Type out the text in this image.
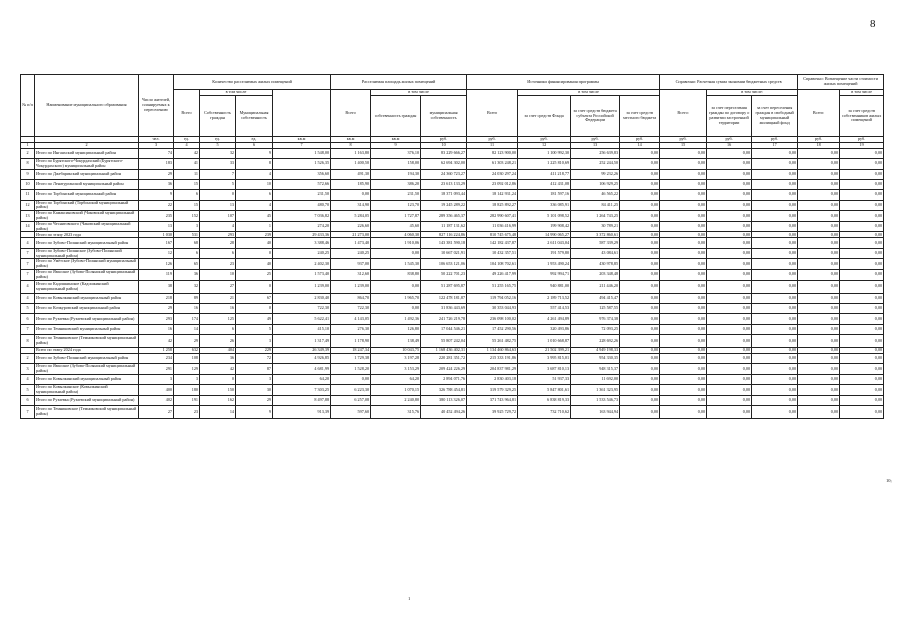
8
№ п/п	Наименование муниципального образования	Число жителей, планируемых к переселению	Количество расселяемых жилых помещений				Расселяемая площадь жилых помещений			Источники финансирования программы				Справочно: Расчетная сумма экономии бюджетных средств			Справочно: Возмещение части стоимости жилых помещений	
			Всего	в том числе			Всего	в том числе		Всего	в том числе			Всего:	в том числе:		Всего:	в том числе
				Собственность граждан	Муниципальная собственность			собственность граждан	муниципальная собственность		за счет средств Фонда	за счет средств бюджета субъекта Российской Федерации	за счет средств местного бюджета		за счет переселения граждан по договору о развитии застроенной территории	за счет переселения граждан в свободный муниципальный жилищный фонд		за счет средств собственников жилых помещений
		чел.	ед.	ед.	ед.	кв.м	кв.м	кв.м	руб.	руб.	руб.	руб.	руб.	руб.	руб.	руб.	руб.	руб.
1	2	3	4	5	6	7	8	9	10	11	12	13	14	15	16	17	18	19
2	Итого по Ингаяхский муниципальный район	74	42	32	9	1 548,00	1 163,80	376,10	83 229 666,27	82 123 900,00	1 100 992,30	256 639,83	0,00	0,00	0,00	0,00	0,00	0,00
8	Итого по Бурятского-Чокурдахский (Бурятского-Чокурдахского) муниципальный район	183	41	33	8	1 526,35	1 400,50	158,00	62 694 302,00	61 303 248,21	1 225 810,69	252 244,50	0,00	0,00	0,00	0,00	0,00	0,00
9	Итого по Джебарикский муниципальный район	29	11	7	4	356,60	491,30	194,30	24 360 723,27	24 030 297,24	411 218,77	99 232,26	0,00	0,00	0,00	0,00	0,00	0,00
10	Итого по Ленатурганский муниципальный район	36	15	5	10	572,66	185,90	386,20	23 613 133,29	23 092 012,86	412 431,08	106 929,25	0,00	0,00	0,00	0,00	0,00	0,00
11	Итого по Торбонский муниципальный район	9	6	0	6	231,50	0,00	231,50	18 371 093,44	18 142 931,24	181 597,16	46 565,22	0,00	0,00	0,00	0,00	0,00	0,00
12	Итого по Торбонский (Торбонский муниципальный район)	22	15	13	4	480,70	314,90	123,70	19 245 289,22	18 825 892,27	336 085,91	84 411,25	0,00	0,00	0,00	0,00	0,00	0,00
13	Итого по Камаксиновский (Чаковский муниципальный район)	235	152	107	45	7 036,82	5 284,05	1 727,87	289 356 465,37	282 990 607,41	5 101 098,52	1 264 743,25	0,00	0,00	0,00	0,00	0,00	0,00
14	Итого по Чеснятовского (Чаковский муниципальный район)	13	3	4	1	274,20	226,60	45,60	11 187 131,62	11 036 416,99	199 908,42	30 789,21	0,00	0,00	0,00	0,00	0,00	0,00
	Итого по этапу 2023 года	1 030	531	293	239	29 433,36	21 273,00	4 060,30	827 116 224,86	810 745 675,48	14 990 065,27	3 372 860,61	0,00	0,00	0,00	0,00	0,00	0,00
4	Итого по Зубово-Полянский муниципальный район	167	68	28	40	3 388,46	1 473,40	1 910,06	143 381 590,18	142 182 437,87	2 611 043,04	587 339,29	0,00	0,00	0,00	0,00	0,00	0,00
7	Итого по Зубово-Полянское (Зубово-Полянский муниципальный район)	12	6	6	0	240,25	240,25	0,00	10 667 021,91	10 432 357,51	191 579,80	43 084,61	0,00	0,00	0,00	0,00	0,00	0,00
7	Итого по Умётское (Зубово-Полянский муниципальный район)	126	65	23	40	2 402,30	937,00	1 545,30	106 653 121,06	104 108 702,61	1 953 490,24	430 978,85	0,00	0,00	0,00	0,00	0,00	0,00
7	Итого по Явасское (Зубово-Полянский муниципальный район)	119	36	10	25	1 573,40	312,60	838,80	50 222 701,23	49 226 417,99	992 994,71	203 348,48	0,00	0,00	0,00	0,00	0,00	0,00
4	Итого по Кадошкинское (Кадошкинский муниципальный район)	38	32	27	0	1 239,00	1 239,00	0,00	51 287 695,87	51 255 165,75	940 881,00	211 446,20	0,00	0,00	0,00	0,00	0,00	0,00
4	Итого по Ковылкинский муниципальный район	218	89	21	67	2 830,40	864,70	1 965,70	122 478 181,87	119 794 052,16	2 189 713,52	494 415,47	0,00	0,00	0,00	0,00	0,00	0,00
5	Итого по Кочкуровский муниципальный район	29	16	16	0	722,30	722,30	0,00	31 836 443,69	30 353 044,93	557 414,53	125 587,55	0,00	0,00	0,00	0,00	0,00	0,00
6	Итого по Рузаевка (Рузаевский муниципальный район)	293	174	125	49	5 622,41	4 143,05	1 492,36	241 726 219,78	236 098 100,02	4 261 494,89	976 374,38	0,00	0,00	0,00	0,00	0,00	0,00
7	Итого по Темниковский муниципальный район	16	14	6	5	415,10	276,30	126,80	17 044 546,21	17 452 290,56	320 493,86	72 093,25	0,00	0,00	0,00	0,00	0,00	0,00
8	Итого по Темниковское (Темниковский муниципальный район)	42	29	26	3	1 317,49	1 178,90	138,49	55 807 242,04	55 261 482,75	1 010 668,87	228 692,26	0,00	0,00	0,00	0,00	0,00	0,00
	Всего по этапу 2024 года	1 258	632	404	229	26 349,39	18 247,34	10 043,75	1 168 436 402,31	1 134 460 864,63	21 502 399,21	4 949 198,33	0,00	0,00	0,00	0,00	0,00	0,00
2	Итого по Зубово-Полянский муниципальный район	234	108	36	72	4 926,85	1 729,38	3 197,28	220 281 351,72	215 333 191,86	3 995 815,01	954 330,35	0,00	0,00	0,00	0,00	0,00	0,00
3	Итого по Явасское (Зубово-Полянский муниципальный район)	291	129	42	87	4 681,99	1 528,20	3 153,29	209 424 226,29	204 837 981,29	3 687 810,13	948 315,37	0,00	0,00	0,00	0,00	0,00	0,00
4	Итого по Ковылкинский муниципальный район	3	3	0	3	64,20	0,00	64,20	2 894 071,76	2 830 403,18	51 937,33	11 692,00	0,00	0,00	0,00	0,00	0,00	0,00
5	Итого по Ковылкинское (Ковылкинский муниципальный район)	400	180	150	30	7 303,25	6 223,30	1 070,15	326 788 454,81	319 579 329,25	5 847 801,61	1 361 323,95	0,00	0,00	0,00	0,00	0,00	0,00
6	Итого по Рузаевка (Рузаевский муниципальный район)	402	191	162	29	8 497,88	6 257,08	2 240,80	380 113 326,07	371 743 964,81	6 838 819,33	1 533 546,73	0,00	0,00	0,00	0,00	0,00	0,00
7	Итого по Темниковское (Темниковский муниципальный район)	27	23	14	9	913,39	597,60	315,76	40 452 494,26	39 925 729,72	732 710,62	163 944,94	0,00	0,00	0,00	0,00	0,00	0,00
10;
1
